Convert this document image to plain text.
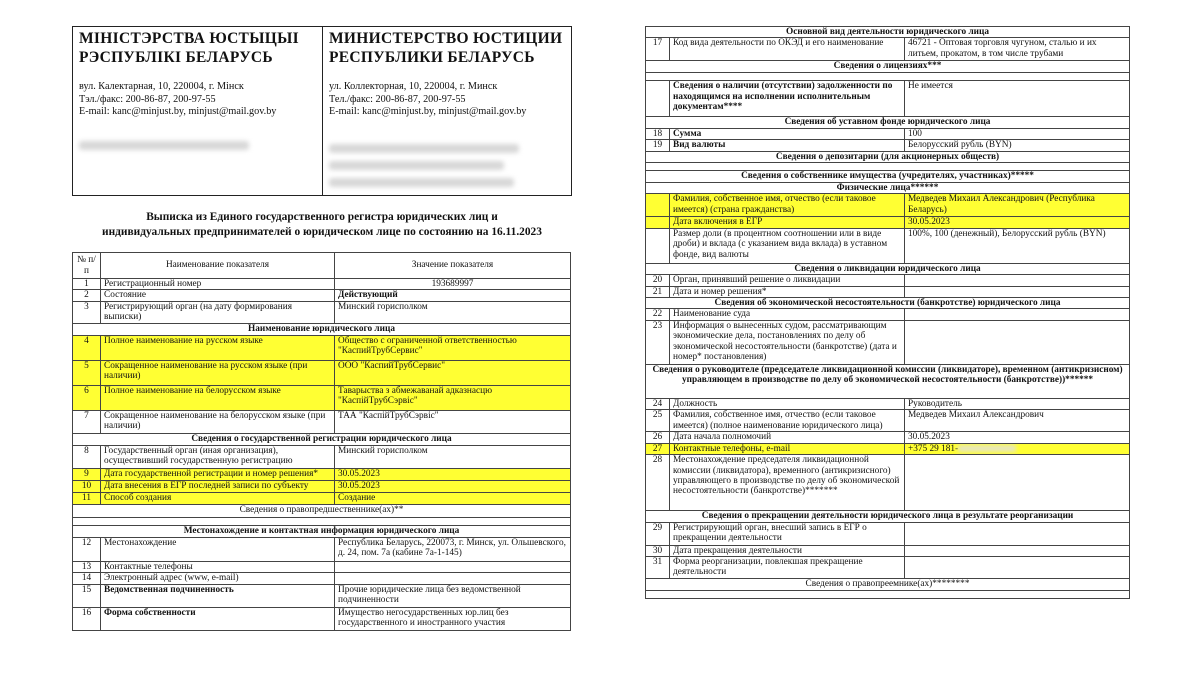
МІНІСТЭРСТВА ЮСТЫЦЫІ
РЭСПУБЛІКІ БЕЛАРУСЬ
вул. Калектарная, 10, 220004, г. Мінск
Тэл./факс: 200-86-87, 200-97-55
E-mail: kanc@minjust.by, minjust@mail.gov.by
МИНИСТЕРСТВО ЮСТИЦИИ
РЕСПУБЛИКИ БЕЛАРУСЬ
ул. Коллекторная, 10, 220004, г. Минск
Тел./факс: 200-86-87, 200-97-55
E-mail: kanc@minjust.by, minjust@mail.gov.by
Выписка из Единого государственного регистра юридических лиц и
индивидуальных предпринимателей о юридическом лице по состоянию на 16.11.2023
№ п/п	Наименование показателя	Значение показателя
1	Регистрационный номер	193689997
2	Состояние	Действующий
3	Регистрирующий орган (на дату формирования выписки)	Минский горисполком
Наименование юридического лица		
4	Полное наименование на русском языке	Общество с ограниченной ответственностью "КаспийТрубСервис"
5	Сокращенное наименование на русском языке (при наличии)	ООО "КаспийТрубСервис"
6	Полное наименование на белорусском языке	Таварыства з абмежаванай адказнасцю "КаспійТрубСэрвіс"
7	Сокращенное наименование на белорусском языке (при наличии)	ТАА "КаспійТрубСэрвіс"
Сведения о государственной регистрации юридического лица		
8	Государственный орган (иная организация), осуществивший государственную регистрацию	Минский горисполком
9	Дата государственной регистрации и номер решения*	30.05.2023
10	Дата внесения в ЕГР последней записи по субъекту	30.05.2023
11	Способ создания	Создание
Сведения о правопредшественнике(ах)**		

Местонахождение и контактная информация юридического лица		
12	Местонахождение	Республика Беларусь, 220073, г. Минск, ул. Ольшевского, д. 24, пом. 7а (кабине 7а-1-145)
13	Контактные телефоны	
14	Электронный адрес (www, e-mail)	
15	Ведомственная подчиненность	Прочие юридические лица без ведомственной подчиненности
16	Форма собственности	Имущество негосударственных юр.лиц без государственного и иностранного участия
Основной вид деятельности юридического лица		
17	Код вида деятельности по ОКЭД и его наименование	46721 - Оптовая торговля чугуном, сталью и их литьем, прокатом, в том числе трубами
Сведения о лицензиях***		

	Сведения о наличии (отсутствии) задолженности по находящимся на исполнении исполнительным документам****	Не имеется
Сведения об уставном фонде юридического лица		
18	Сумма	100
19	Вид валюты	Белорусский рубль (BYN)
Сведения о депозитарии (для акционерных обществ)		

Сведения о собственнике имущества (учредителях, участниках)*****		
Физические лица******		
	Фамилия, собственное имя, отчество (если таковое имеется) (страна гражданства)	Медведев Михаил Александрович (Республика Беларусь)
	Дата включения в ЕГР	30.05.2023
	Размер доли (в процентном соотношении или в виде дроби) и вклада (с указанием вида вклада) в уставном фонде, вид валюты	100%, 100 (денежный), Белорусский рубль (BYN)
Сведения о ликвидации юридического лица		
20	Орган, принявший решение о ликвидации	
21	Дата и номер решения*	
Сведения об экономической несостоятельности (банкротстве) юридического лица		
22	Наименование суда	
23	Информация о вынесенных судом, рассматривающим экономические дела, постановлениях по делу об экономической несостоятельности (банкротстве) (дата и номер* постановления)	
Сведения о руководителе (председателе ликвидационной комиссии (ликвидаторе), временном (антикризисном) управляющем в производстве по делу об экономической несостоятельности (банкротстве))******		
24	Должность	Руководитель
25	Фамилия, собственное имя, отчество (если таковое имеется) (полное наименование юридического лица)	Медведев Михаил Александрович
26	Дата начала полномочий	30.05.2023
27	Контактные телефоны, e-mail	+375 29 181-
28	Местонахождение председателя ликвидационной комиссии (ликвидатора), временного (антикризисного) управляющего в производстве по делу об экономической несостоятельности (банкротстве)*******	
Сведения о прекращении деятельности юридического лица в результате реорганизации		
29	Регистрирующий орган, внесший запись в ЕГР о прекращении деятельности	
30	Дата прекращения деятельности	
31	Форма реорганизации, повлекшая прекращение деятельности	
Сведения о правопреемнике(ах)********		
